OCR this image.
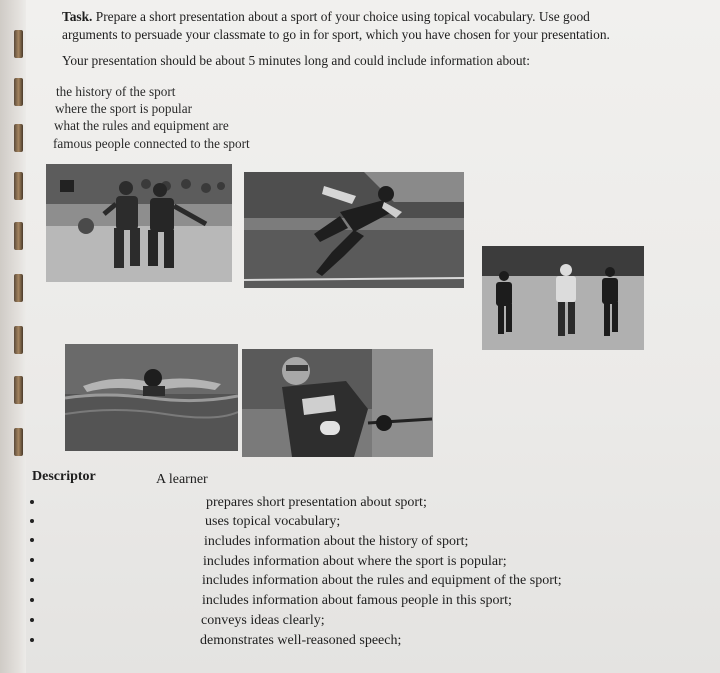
Task. Prepare a short presentation about a sport of your choice using topical vocabulary. Use good
arguments to persuade your classmate to go in for sport, which you have chosen for your presentation.
Your presentation should be about 5 minutes long and could include information about:
the history of the sport
where the sport is popular
what the rules and equipment are
famous people connected to the sport
Descriptor	A learner
prepares short presentation about sport;
uses topical vocabulary;
includes information about the history of sport;
includes information about where the sport is popular;
includes information about the rules and equipment of the sport;
includes information about famous people in this sport;
conveys ideas clearly;
demonstrates well-reasoned speech;
